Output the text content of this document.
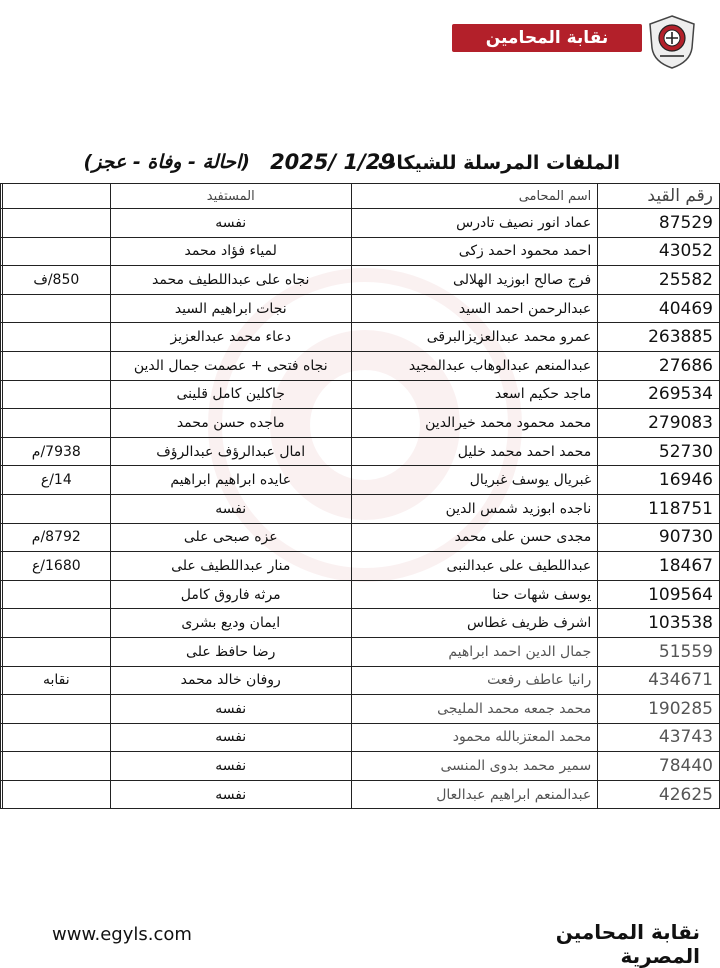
نقابة المحامين المصرية
الملفات المرسلة للشيكات
2025/ 1/29
(احالة - وفاة - عجز)
رقم القيد	اسم المحامى	المستفيد		
87529	عماد انور نصيف تادرس	نفسه		
43052	احمد محمود احمد زكى	لمياء فؤاد محمد		
25582	فرج صالح ابوزيد الهلالى	نجاه على عبداللطيف محمد	850/ف	
40469	عبدالرحمن احمد السيد	نجات ابراهيم السيد		
263885	عمرو محمد عبدالعزيزالبرقى	دعاء محمد عبدالعزيز		
27686	عبدالمنعم عبدالوهاب عبدالمجيد	نجاه فتحى + عصمت جمال الدين		
269534	ماجد حكيم اسعد	جاكلين كامل قلينى		
279083	محمد محمود محمد خيرالدين	ماجده حسن محمد		
52730	محمد احمد محمد خليل	امال عبدالرؤف عبدالرؤف	7938/م	
16946	غبريال يوسف غبريال	عايده ابراهيم ابراهيم	14/ع	
118751	ناجده ابوزيد شمس الدين	نفسه		
90730	مجدى حسن على محمد	عزه صبحى على	8792/م	
18467	عبداللطيف على عبدالنبى	منار عبداللطيف على	1680/ع	
109564	يوسف شهات حنا	مرثه فاروق كامل		
103538	اشرف ظريف غطاس	ايمان وديع بشرى		
51559	جمال الدين احمد ابراهيم	رضا حافظ على		
434671	رانيا عاطف رفعت	روفان خالد محمد	نقابه	
190285	محمد جمعه محمد المليجى	نفسه		
43743	محمد المعتزبالله محمود	نفسه		
78440	سمير محمد بدوى المنسى	نفسه		
42625	عبدالمنعم ابراهيم عبدالعال	نفسه		
www.egyls.com	نقابة المحامين المصرية
